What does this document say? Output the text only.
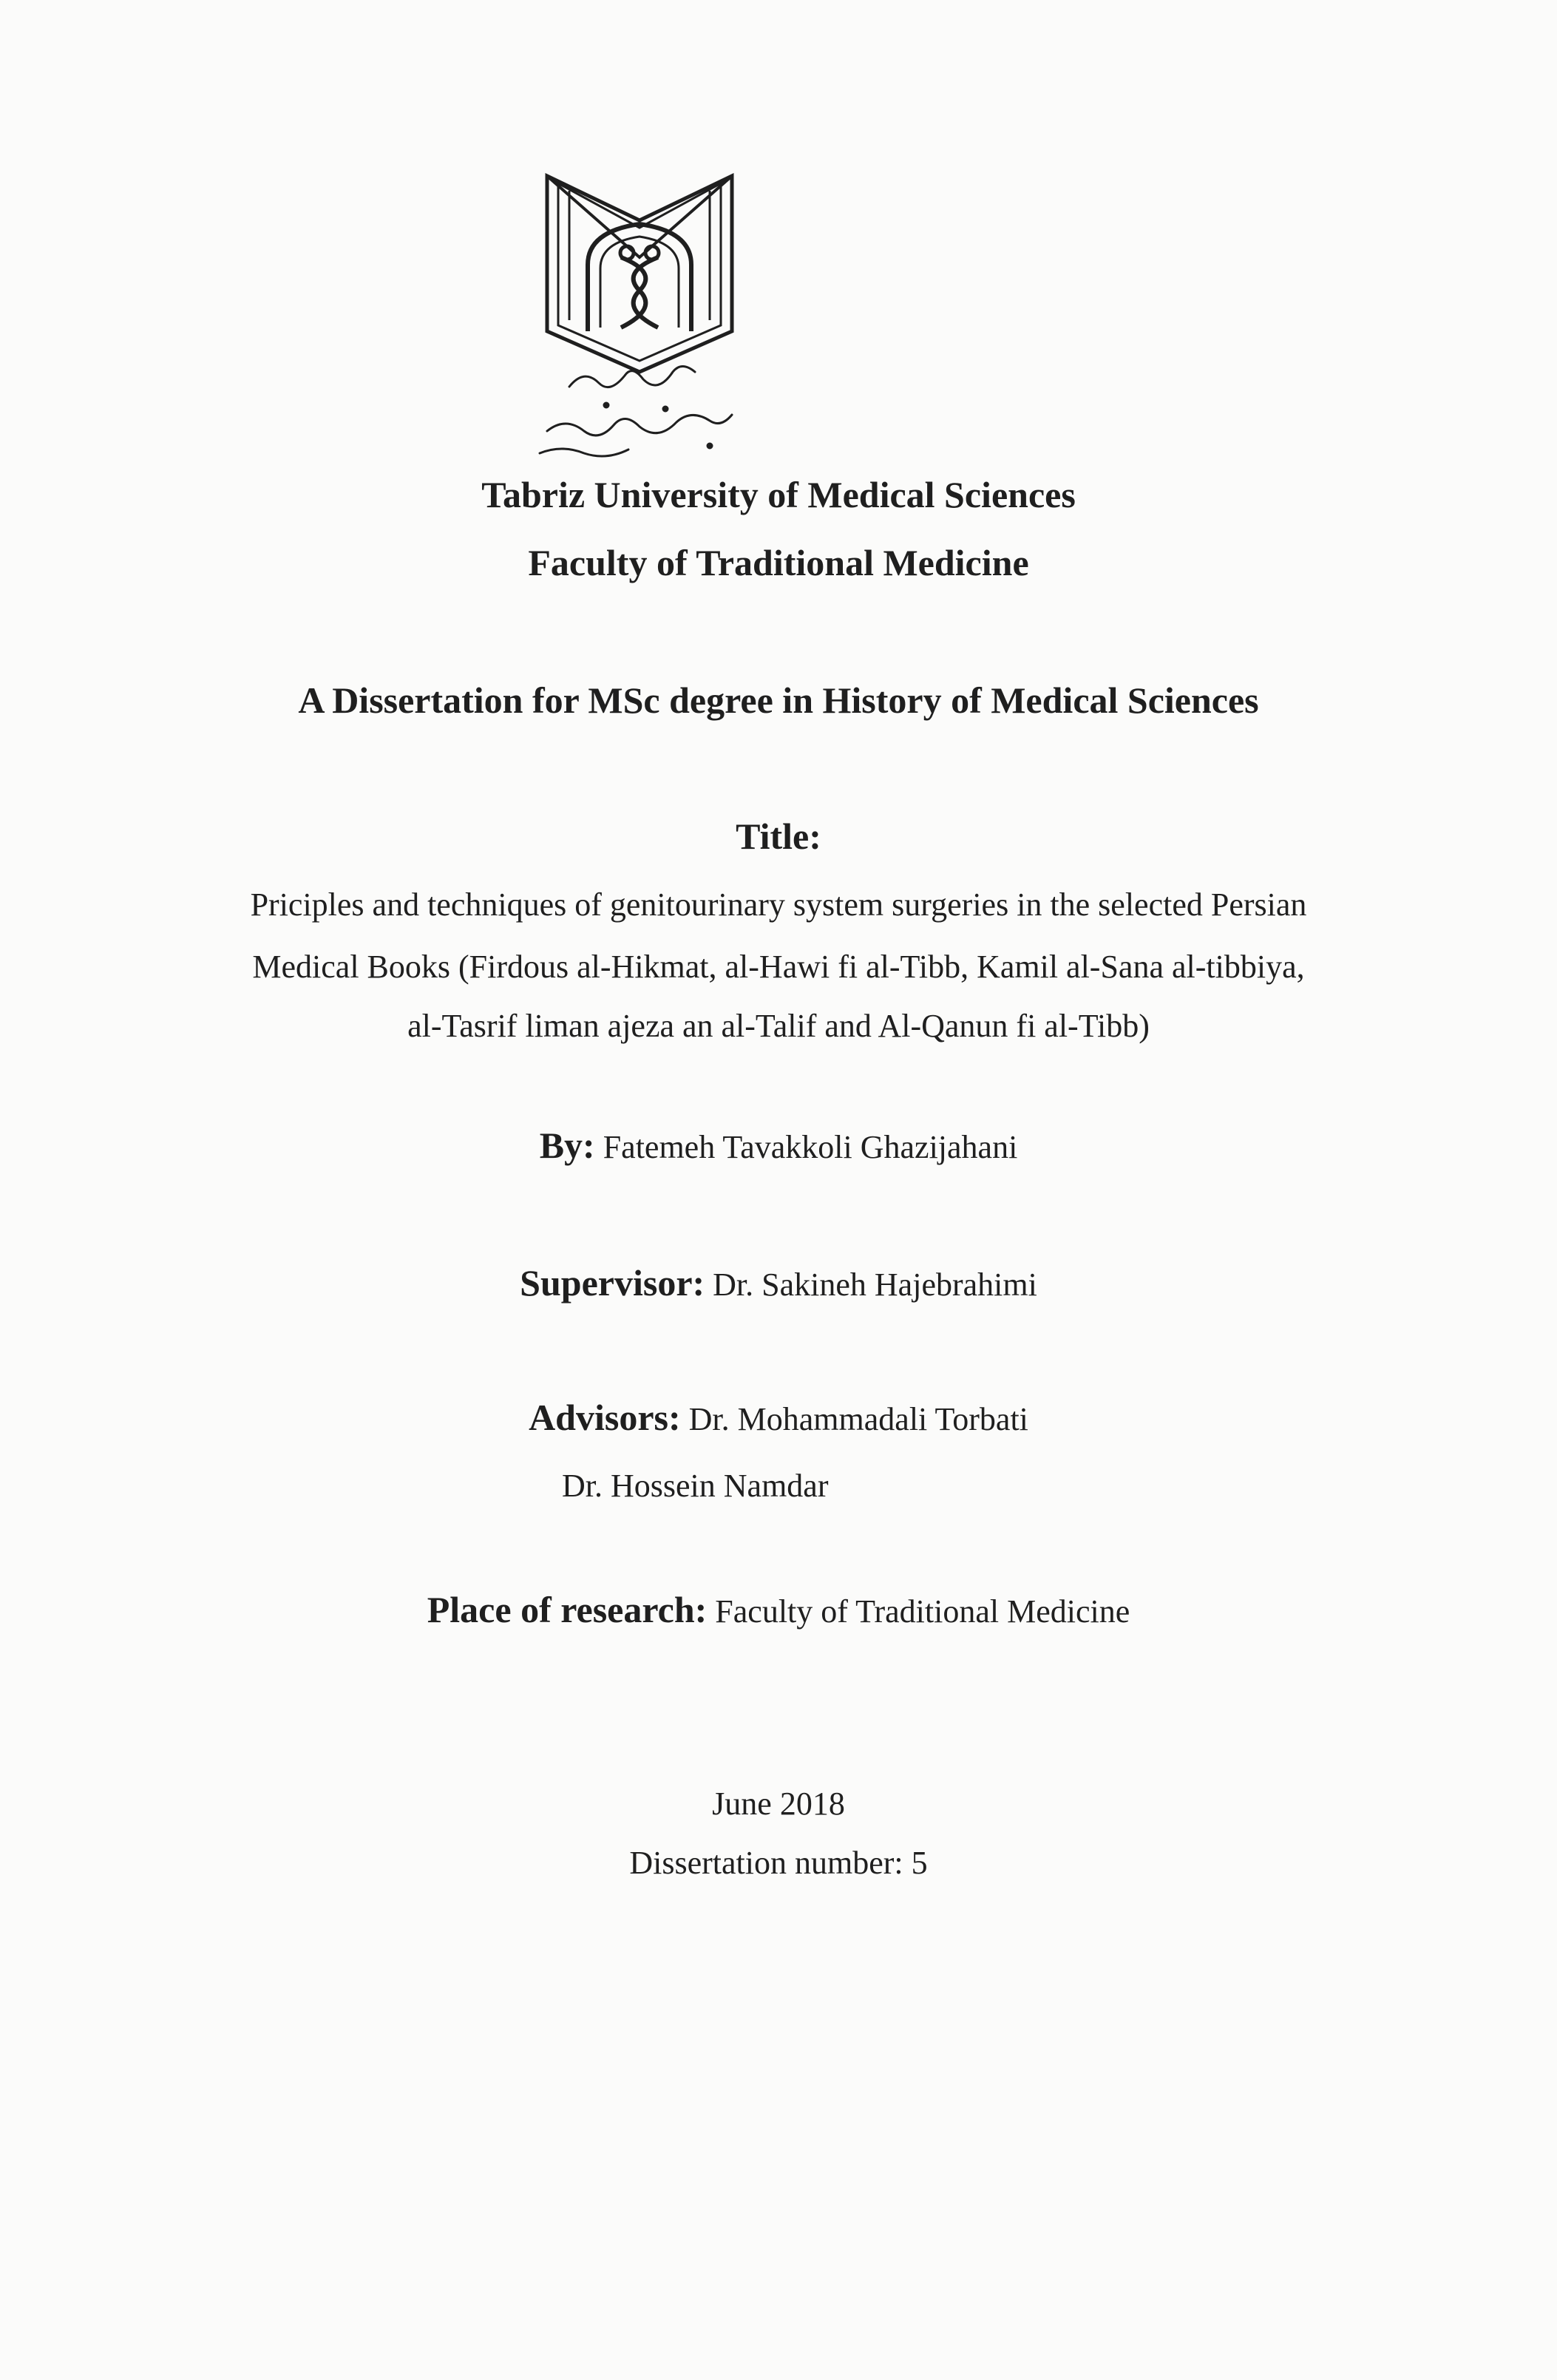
Tabriz University of Medical Sciences
Faculty of Traditional Medicine
A Dissertation for MSc degree in History of Medical Sciences
Title:
Priciples and techniques of genitourinary system surgeries in the selected Persian
Medical Books (Firdous al-Hikmat, al-Hawi fi al-Tibb, Kamil al-Sana al-tibbiya,
al-Tasrif liman ajeza an al-Talif and Al-Qanun fi al-Tibb)
By: Fatemeh Tavakkoli Ghazijahani
Supervisor: Dr. Sakineh Hajebrahimi
Advisors: Dr. Mohammadali Torbati
Dr. Hossein Namdar
Place of research: Faculty of Traditional Medicine
June 2018
Dissertation number: 5
